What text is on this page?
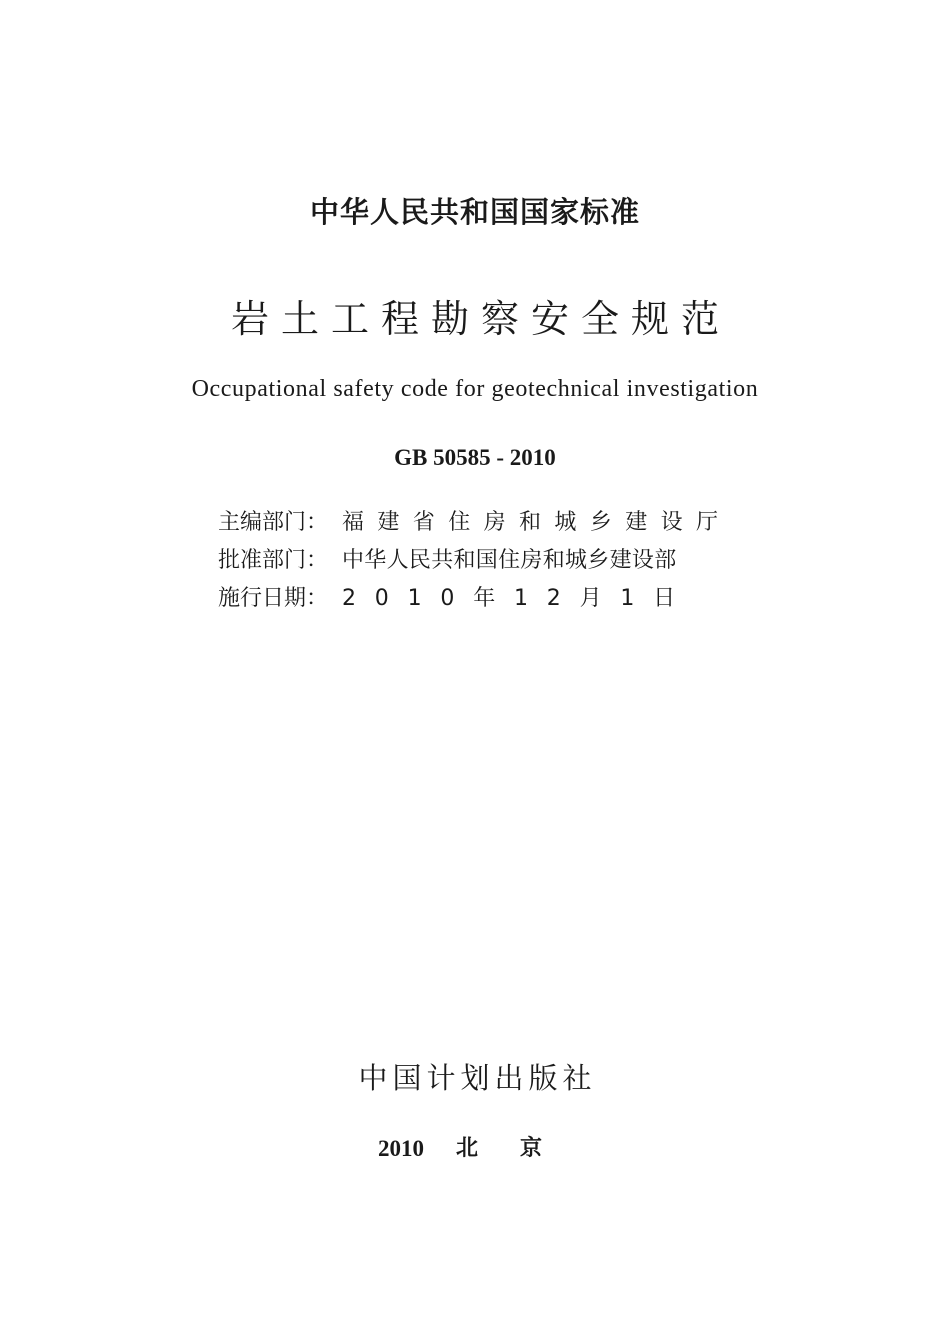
中华人民共和国国家标准
岩土工程勘察安全规范
Occupational safety code for geotechnical investigation
GB 50585 - 2010
主编部门： 福建省住房和城乡建设厅
批准部门： 中华人民共和国住房和城乡建设部
施行日期： 2010年12月1日
中国计划出版社
2010 北京
